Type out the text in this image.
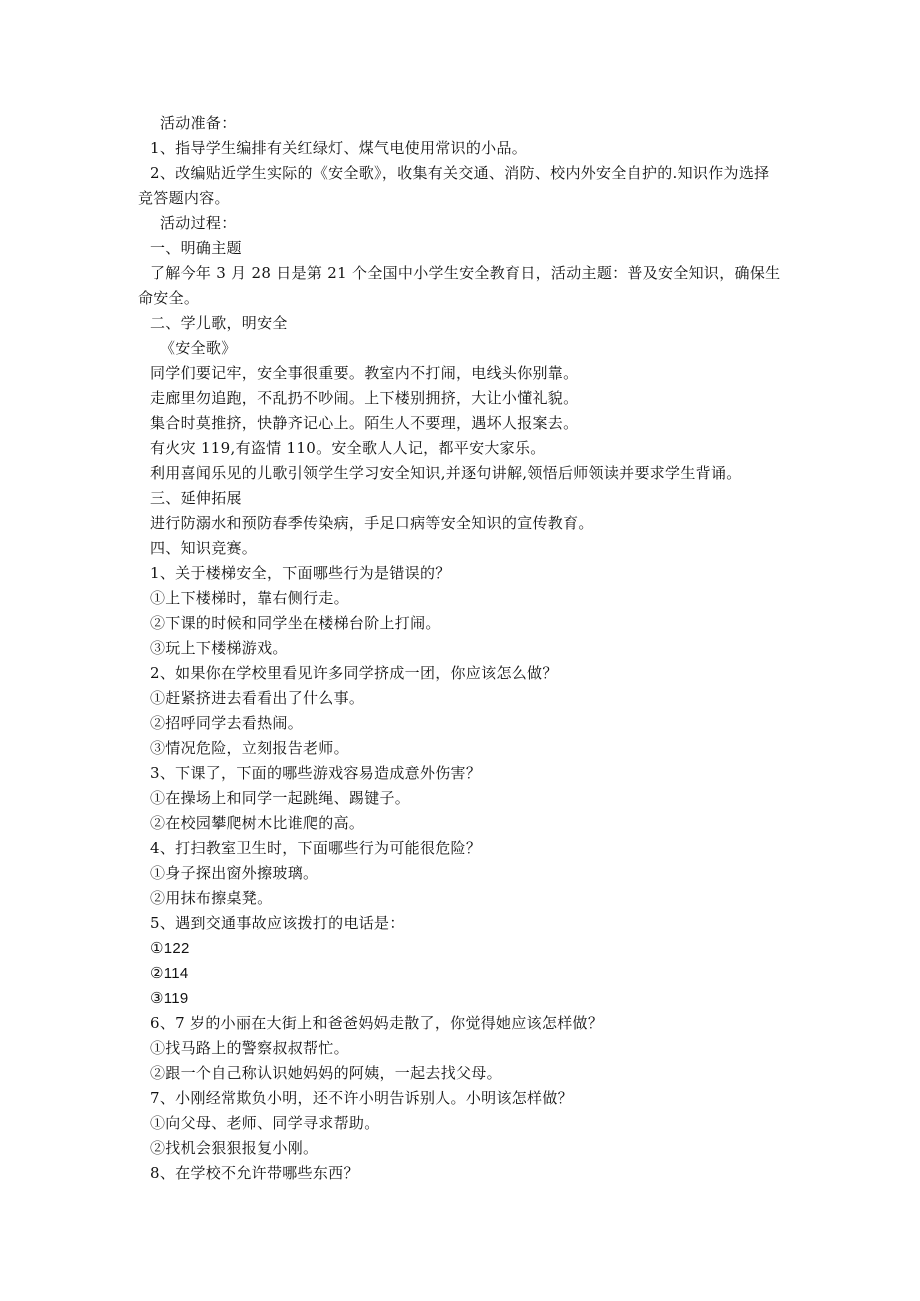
活动准备：
1、指导学生编排有关红绿灯、煤气电使用常识的小品。
2、改编贴近学生实际的《安全歌》，收集有关交通、消防、校内外安全自护的.知识作为选择
竞答题内容。
活动过程：
一、明确主题
了解今年 3 月 28 日是第 21 个全国中小学生安全教育日，活动主题：普及安全知识，确保生
命安全。
二、学儿歌，明安全
《安全歌》
同学们要记牢，安全事很重要。教室内不打闹，电线头你别靠。
走廊里勿追跑，不乱扔不吵闹。上下楼别拥挤，大让小懂礼貌。
集合时莫推挤，快静齐记心上。陌生人不要理，遇坏人报案去。
有火灾 119,有盗情 110。安全歌人人记，都平安大家乐。
利用喜闻乐见的儿歌引领学生学习安全知识,并逐句讲解,领悟后师领读并要求学生背诵。
三、延伸拓展
进行防溺水和预防春季传染病，手足口病等安全知识的宣传教育。
四、知识竞赛。
1、关于楼梯安全，下面哪些行为是错误的？
①上下楼梯时，靠右侧行走。
②下课的时候和同学坐在楼梯台阶上打闹。
③玩上下楼梯游戏。
2、如果你在学校里看见许多同学挤成一团，你应该怎么做？
①赶紧挤进去看看出了什么事。
②招呼同学去看热闹。
③情况危险，立刻报告老师。
3、下课了，下面的哪些游戏容易造成意外伤害？
①在操场上和同学一起跳绳、踢键子。
②在校园攀爬树木比谁爬的高。
4、打扫教室卫生时，下面哪些行为可能很危险？
①身子探出窗外擦玻璃。
②用抹布擦桌凳。
5、遇到交通事故应该拨打的电话是：
①122
②114
③119
6、7 岁的小丽在大街上和爸爸妈妈走散了，你觉得她应该怎样做？
①找马路上的警察叔叔帮忙。
②跟一个自己称认识她妈妈的阿姨，一起去找父母。
7、小刚经常欺负小明，还不许小明告诉别人。小明该怎样做？
①向父母、老师、同学寻求帮助。
②找机会狠狠报复小刚。
8、在学校不允许带哪些东西？
